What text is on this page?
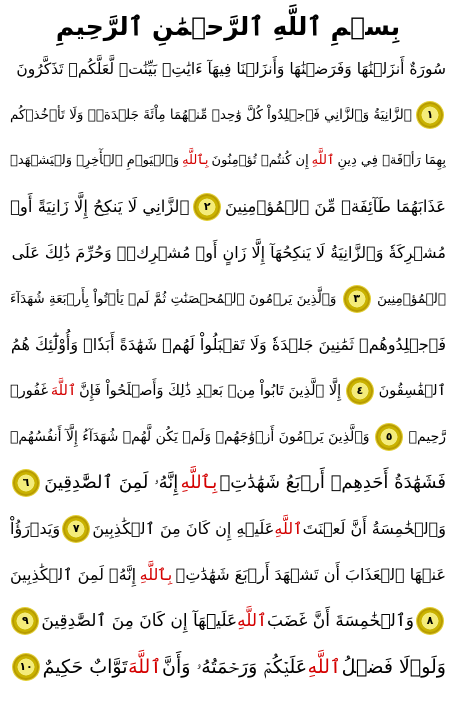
بِسۡمِ ٱللَّهِ ٱلرَّحۡمَٰنِ ٱلرَّحِيمِ
سُورَةٌ أَنزَلۡنَٰهَا وَفَرَضۡنَٰهَا وَأَنزَلۡنَا فِيهَآ ءَايَٰتِۭ بَيِّنَٰتٖ لَّعَلَّكُمۡ تَذَكَّرُونَ
١
ٱلزَّانِيَةُ وَٱلزَّانِي فَٱجۡلِدُواْ كُلَّ وَٰحِدٖ مِّنۡهُمَا مِاْئَةَ جَلۡدَةٖۖ وَلَا تَأۡخُذۡكُم
بِهِمَا رَأۡفَةٞ فِي دِينِ
ٱللَّهِ
إِن كُنتُمۡ تُؤۡمِنُونَ
بِٱللَّهِ
وَٱلۡيَوۡمِ ٱلۡأٓخِرِۖ وَلۡيَشۡهَدۡ
عَذَابَهُمَا طَآئِفَةٞ مِّنَ ٱلۡمُؤۡمِنِينَ
٢
ٱلزَّانِي لَا يَنكِحُ إِلَّا زَانِيَةً أَوۡ
مُشۡرِكَةٗ وَٱلزَّانِيَةُ لَا يَنكِحُهَآ إِلَّا زَانٍ أَوۡ مُشۡرِكٞۚ وَحُرِّمَ ذَٰلِكَ عَلَى
ٱلۡمُؤۡمِنِينَ
٣
وَٱلَّذِينَ يَرۡمُونَ ٱلۡمُحۡصَنَٰتِ ثُمَّ لَمۡ يَأۡتُواْ بِأَرۡبَعَةِ شُهَدَآءَ
فَٱجۡلِدُوهُمۡ ثَمَٰنِينَ جَلۡدَةٗ وَلَا تَقۡبَلُواْ لَهُمۡ شَهَٰدَةً أَبَدٗاۚ وَأُوْلَٰٓئِكَ هُمُ
ٱلۡفَٰسِقُونَ
٤
إِلَّا ٱلَّذِينَ تَابُواْ مِنۢ بَعۡدِ ذَٰلِكَ وَأَصۡلَحُواْ فَإِنَّ
ٱللَّهَ
غَفُورٞ
رَّحِيمٞ
٥
وَٱلَّذِينَ يَرۡمُونَ أَزۡوَٰجَهُمۡ وَلَمۡ يَكُن لَّهُمۡ شُهَدَآءُ إِلَّآ أَنفُسُهُمۡ
فَشَهَٰدَةُ أَحَدِهِمۡ أَرۡبَعُ شَهَٰدَٰتِۭ
بِٱللَّهِ
إِنَّهُۥ لَمِنَ ٱلصَّٰدِقِينَ
٦
وَٱلۡخَٰمِسَةُ أَنَّ لَعۡنَتَ
ٱللَّهِ
عَلَيۡهِ إِن كَانَ مِنَ ٱلۡكَٰذِبِينَ
٧
وَيَدۡرَؤُاْ
عَنۡهَا ٱلۡعَذَابَ أَن تَشۡهَدَ أَرۡبَعَ شَهَٰدَٰتِۭ
بِٱللَّهِ
إِنَّهُۥ لَمِنَ ٱلۡكَٰذِبِينَ
٨
وَٱلۡخَٰمِسَةَ أَنَّ غَضَبَ
ٱللَّهِ
عَلَيۡهَآ إِن كَانَ مِنَ ٱلصَّٰدِقِينَ
٩
وَلَوۡلَا فَضۡلُ
ٱللَّهِ
عَلَيۡكُمۡ وَرَحۡمَتُهُۥ وَأَنَّ
ٱللَّهَ
تَوَّابٌ حَكِيمٌ
١٠
